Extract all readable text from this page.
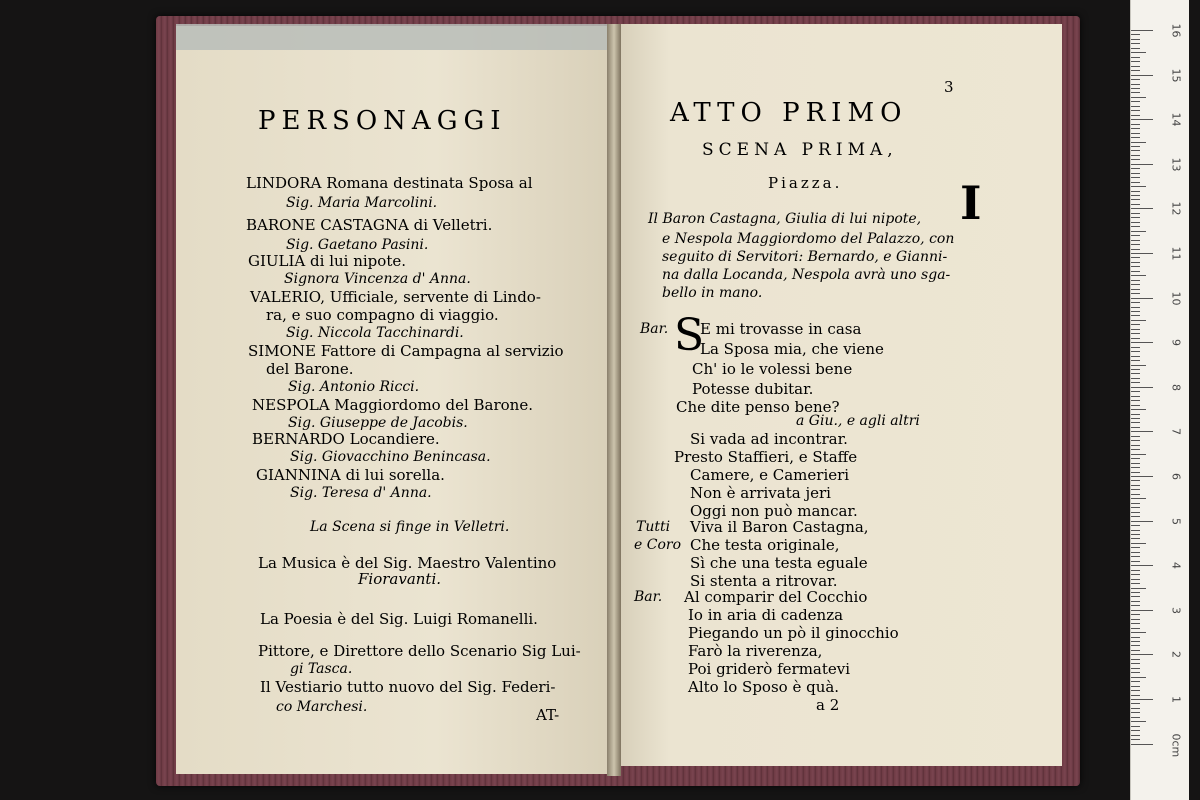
PERSONAGGI
LINDORA Romana destinata Sposa al
Sig. Maria Marcolini.
BARONE CASTAGNA di Velletri.
Sig. Gaetano Pasini.
GIULIA di lui nipote.
Signora Vincenza d' Anna.
VALERIO, Ufficiale, servente di Lindo-
ra, e suo compagno di viaggio.
Sig. Niccola Tacchinardi.
SIMONE Fattore di Campagna al servizio
del Barone.
Sig. Antonio Ricci.
NESPOLA Maggiordomo del Barone.
Sig. Giuseppe de Jacobis.
BERNARDO Locandiere.
Sig. Giovacchino Benincasa.
GIANNINA di lui sorella.
Sig. Teresa d' Anna.
La Scena si finge in Velletri.
La Musica è del Sig. Maestro Valentino
Fioravanti.
La Poesia è del Sig. Luigi Romanelli.
Pittore, e Direttore dello Scenario Sig Lui-
gi Tasca.
Il Vestiario tutto nuovo del Sig. Federi-
co Marchesi.	AT-
3
ATTO PRIMO
SCENA PRIMA,
Piazza.	I
Il Baron Castagna, Giulia di lui nipote,
e Nespola Maggiordomo del Palazzo, con
seguito di Servitori: Bernardo, e Gianni-
na dalla Locanda, Nespola avrà uno sga-
bello in mano.
Bar. S
E mi trovasse in casa
La Sposa mia, che viene
Ch' io le volessi bene
Potesse dubitar.
Che dite penso bene?
a Giu., e agli altri
Si vada ad incontrar.
Presto Staffieri, e Staffe
Camere, e Camerieri
Non è arrivata jeri
Oggi non può mancar.
Tutti Viva il Baron Castagna,
e Coro Che testa originale,
Sì che una testa eguale
Si stenta a ritrovar.
Bar. Al comparir del Cocchio
Io in aria di cadenza
Piegando un pò il ginocchio
Farò la riverenza,
Poi griderò fermatevi
Alto lo Sposo è quà.
a 2
16
15
14
13
12
11
10
9
8
7
6
5
4
3
2
1
0cm
